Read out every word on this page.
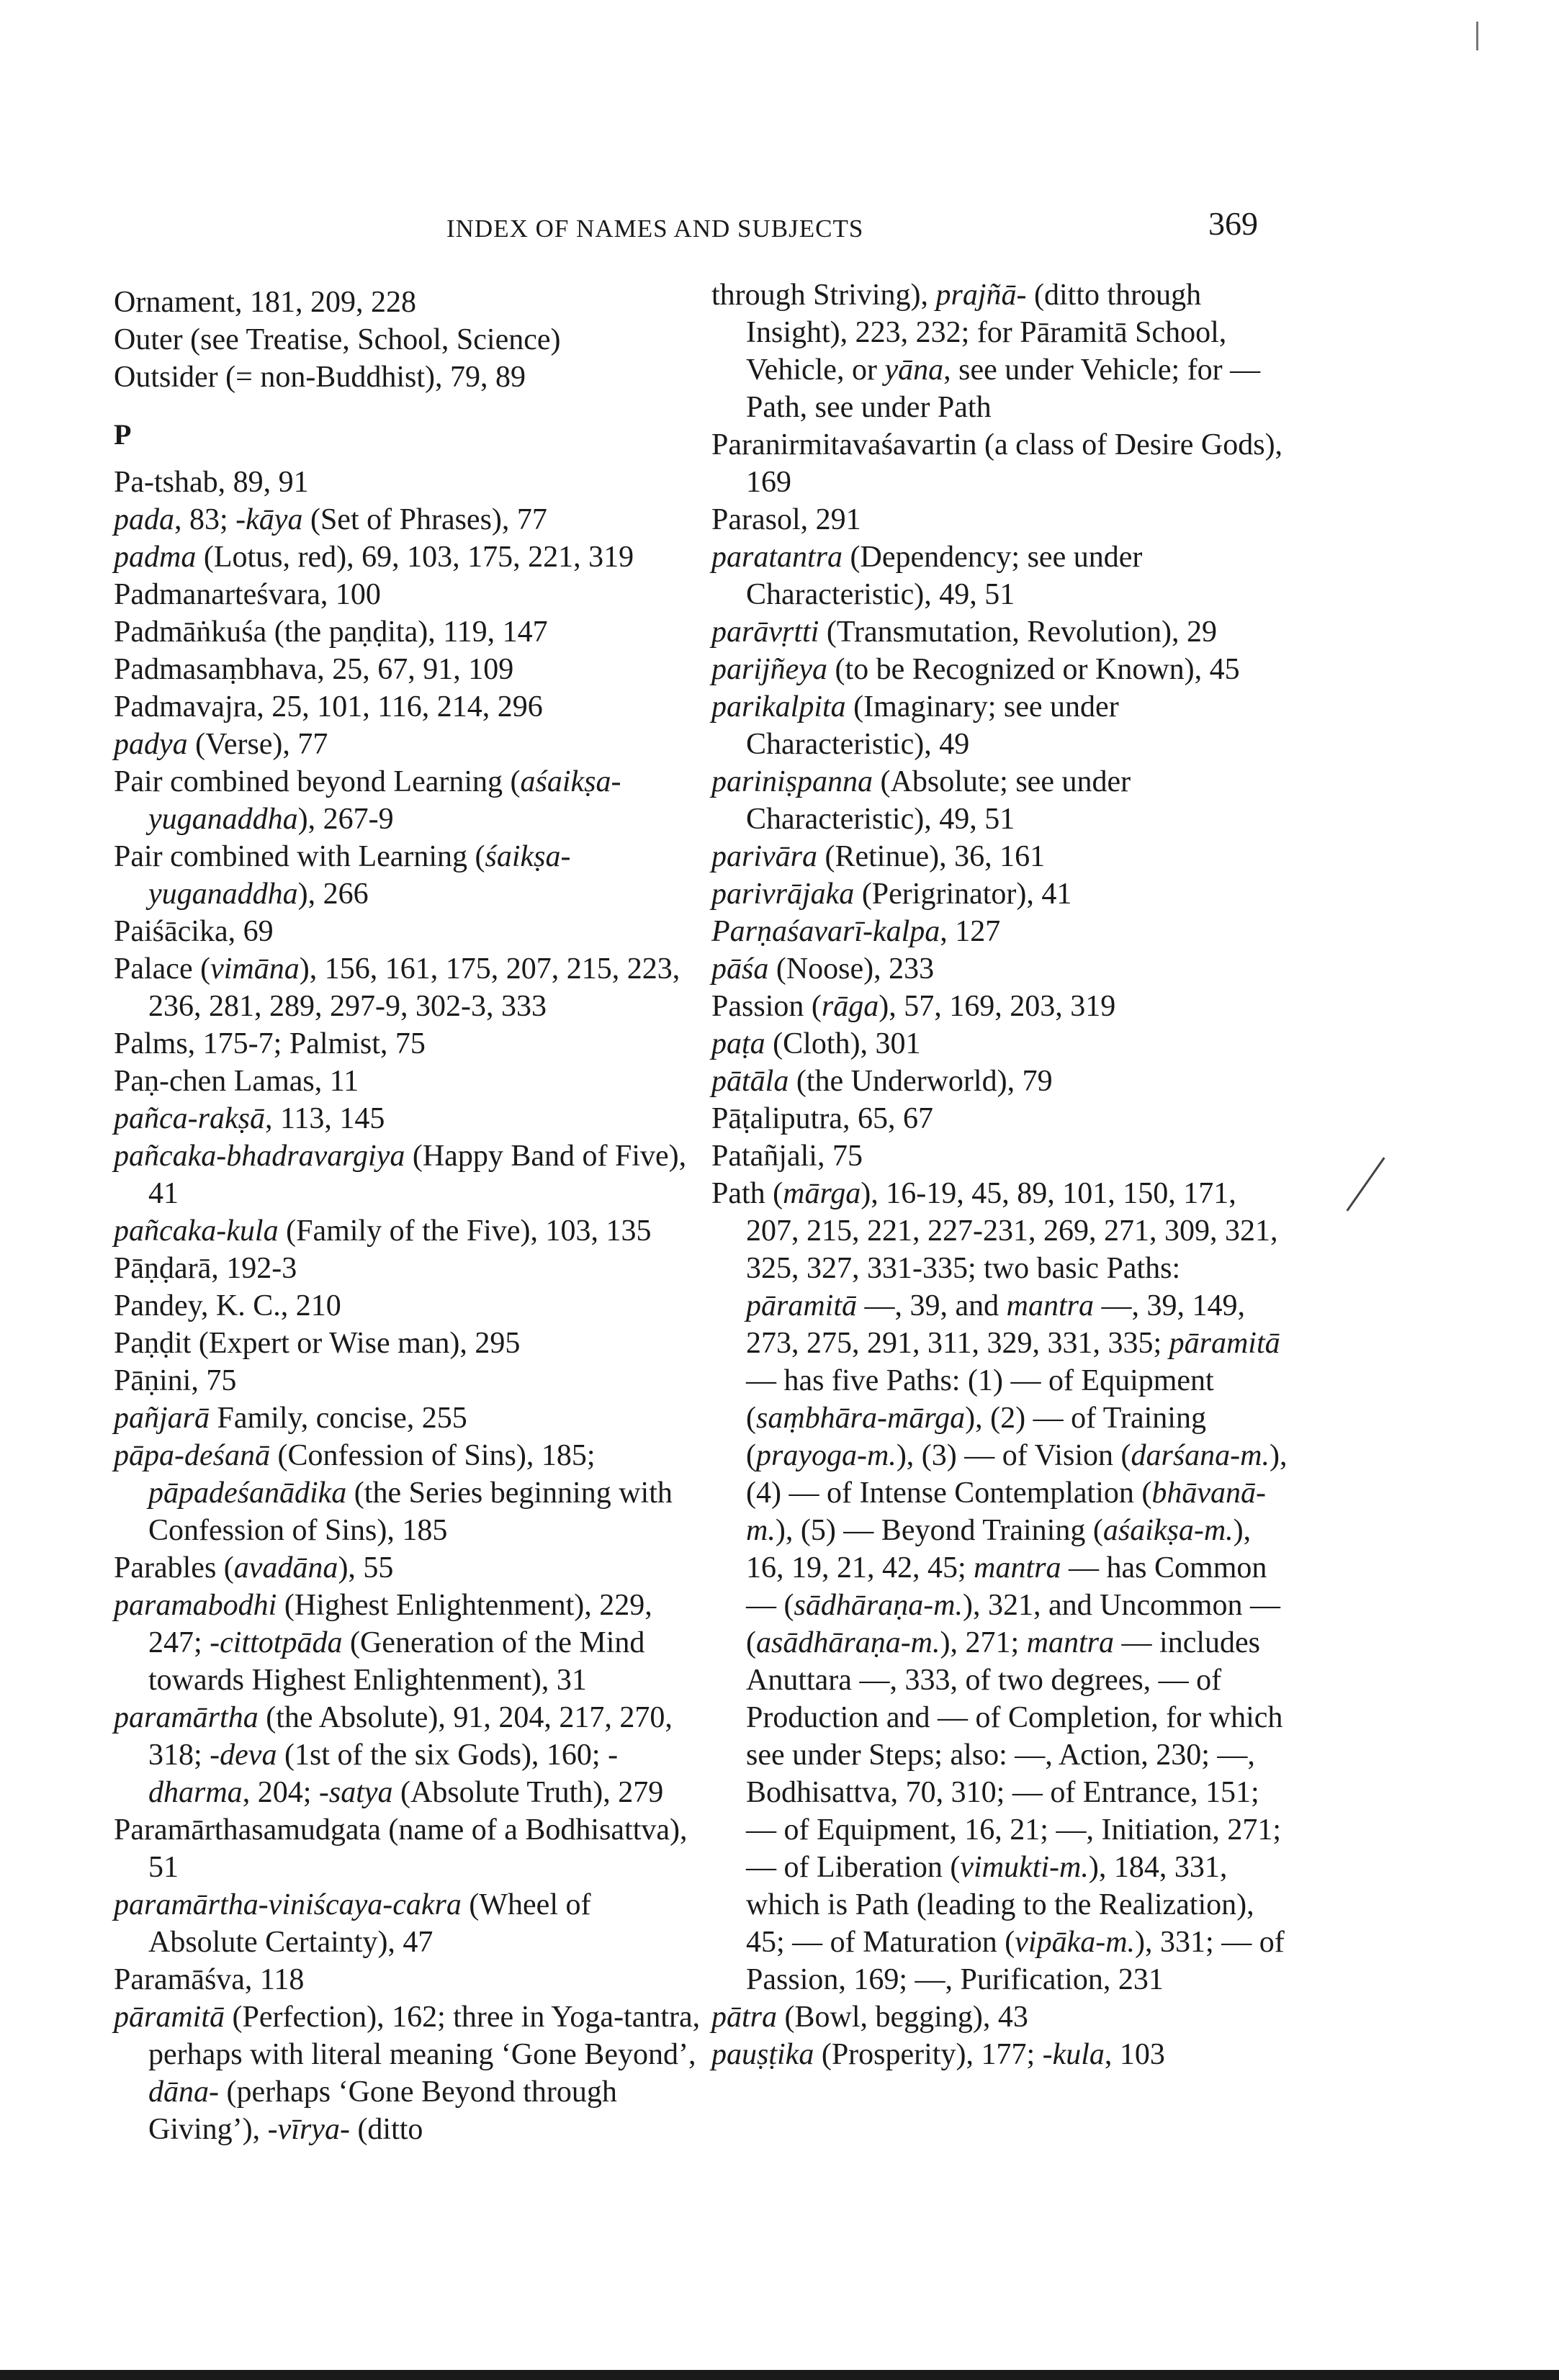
INDEX OF NAMES AND SUBJECTS	369
Ornament, 181, 209, 228
Outer (see Treatise, School, Science)
Outsider (= non-Buddhist), 79, 89
P
Pa-tshab, 89, 91
pada, 83; -kāya (Set of Phrases), 77
padma (Lotus, red), 69, 103, 175, 221, 319
Padmanarteśvara, 100
Padmāṅkuśa (the paṇḍita), 119, 147
Padmasaṃbhava, 25, 67, 91, 109
Padmavajra, 25, 101, 116, 214, 296
padya (Verse), 77
Pair combined beyond Learning (aśaikṣa-yuganaddha), 267-9
Pair combined with Learning (śaikṣa-yuganaddha), 266
Paiśācika, 69
Palace (vimāna), 156, 161, 175, 207, 215, 223, 236, 281, 289, 297-9, 302-3, 333
Palms, 175-7; Palmist, 75
Paṇ-chen Lamas, 11
pañca-rakṣā, 113, 145
pañcaka-bhadravargiya (Happy Band of Five), 41
pañcaka-kula (Family of the Five), 103, 135
Pāṇḍarā, 192-3
Pandey, K. C., 210
Paṇḍit (Expert or Wise man), 295
Pāṇini, 75
pañjarā Family, concise, 255
pāpa-deśanā (Confession of Sins), 185; pāpadeśanādika (the Series beginning with Confession of Sins), 185
Parables (avadāna), 55
paramabodhi (Highest Enlightenment), 229, 247; -cittotpāda (Generation of the Mind towards Highest Enlightenment), 31
paramārtha (the Absolute), 91, 204, 217, 270, 318; -deva (1st of the six Gods), 160; -dharma, 204; -satya (Absolute Truth), 279
Paramārthasamudgata (name of a Bodhisattva), 51
paramārtha-viniścaya-cakra (Wheel of Absolute Certainty), 47
Paramāśva, 118
pāramitā (Perfection), 162; three in Yoga-tantra, perhaps with literal meaning ‘Gone Beyond’, dāna- (perhaps ‘Gone Beyond through Giving’), -vīrya- (ditto
through Striving), prajñā- (ditto through Insight), 223, 232; for Pāramitā School, Vehicle, or yāna, see under Vehicle; for — Path, see under Path
Paranirmitavaśavartin (a class of Desire Gods), 169
Parasol, 291
paratantra (Dependency; see under Characteristic), 49, 51
parāvṛtti (Transmutation, Revolution), 29
parijñeya (to be Recognized or Known), 45
parikalpita (Imaginary; see under Characteristic), 49
pariniṣpanna (Absolute; see under Characteristic), 49, 51
parivāra (Retinue), 36, 161
parivrājaka (Perigrinator), 41
Parṇaśavarī-kalpa, 127
pāśa (Noose), 233
Passion (rāga), 57, 169, 203, 319
paṭa (Cloth), 301
pātāla (the Underworld), 79
Pāṭaliputra, 65, 67
Patañjali, 75
Path (mārga), 16-19, 45, 89, 101, 150, 171, 207, 215, 221, 227-231, 269, 271, 309, 321, 325, 327, 331-335; two basic Paths: pāramitā —, 39, and mantra —, 39, 149, 273, 275, 291, 311, 329, 331, 335; pāramitā — has five Paths: (1) — of Equipment (saṃbhāra-mārga), (2) — of Training (prayoga-m.), (3) — of Vision (darśana-m.), (4) — of Intense Contemplation (bhāvanā-m.), (5) — Beyond Training (aśaikṣa-m.), 16, 19, 21, 42, 45; mantra — has Common — (sādhāraṇa-m.), 321, and Uncommon — (asādhāraṇa-m.), 271; mantra — includes Anuttara —, 333, of two degrees, — of Production and — of Completion, for which see under Steps; also: —, Action, 230; —, Bodhisattva, 70, 310; — of Entrance, 151; — of Equipment, 16, 21; —, Initiation, 271; — of Liberation (vimukti-m.), 184, 331, which is Path (leading to the Realization), 45; — of Maturation (vipāka-m.), 331; — of Passion, 169; —, Purification, 231
pātra (Bowl, begging), 43
pauṣṭika (Prosperity), 177; -kula, 103
